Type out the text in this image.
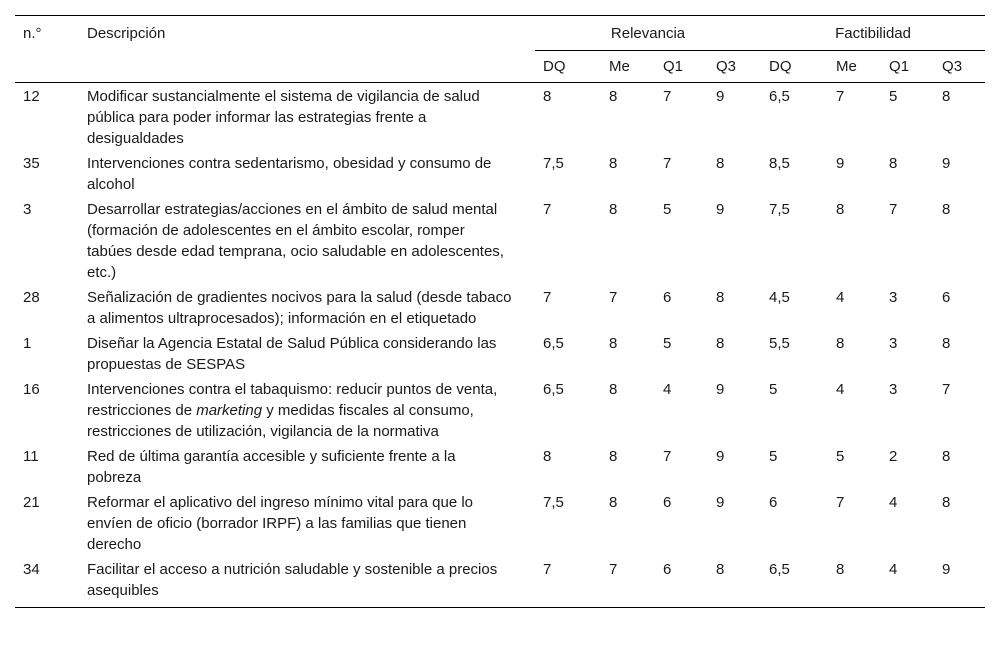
n.°	Descripción	Relevancia				Factibilidad			
		DQ	Me	Q1	Q3	DQ	Me	Q1	Q3
12	Modificar sustancialmente el sistema de vigilancia de salud pública para poder informar las estrategias frente a desigualdades	8	8	7	9	6,5	7	5	8
35	Intervenciones contra sedentarismo, obesidad y consumo de alcohol	7,5	8	7	8	8,5	9	8	9
3	Desarrollar estrategias/acciones en el ámbito de salud mental (formación de adolescentes en el ámbito escolar, romper tabúes desde edad temprana, ocio saludable en adolescentes, etc.)	7	8	5	9	7,5	8	7	8
28	Señalización de gradientes nocivos para la salud (desde tabaco a alimentos ultraprocesados); información en el etiquetado	7	7	6	8	4,5	4	3	6
1	Diseñar la Agencia Estatal de Salud Pública considerando las propuestas de SESPAS	6,5	8	5	8	5,5	8	3	8
16	Intervenciones contra el tabaquismo: reducir puntos de venta, restricciones de marketing y medidas fiscales al consumo, restricciones de utilización, vigilancia de la normativa	6,5	8	4	9	5	4	3	7
11	Red de última garantía accesible y suficiente frente a la pobreza	8	8	7	9	5	5	2	8
21	Reformar el aplicativo del ingreso mínimo vital para que lo envíen de oficio (borrador IRPF) a las familias que tienen derecho	7,5	8	6	9	6	7	4	8
34	Facilitar el acceso a nutrición saludable y sostenible a precios asequibles	7	7	6	8	6,5	8	4	9
